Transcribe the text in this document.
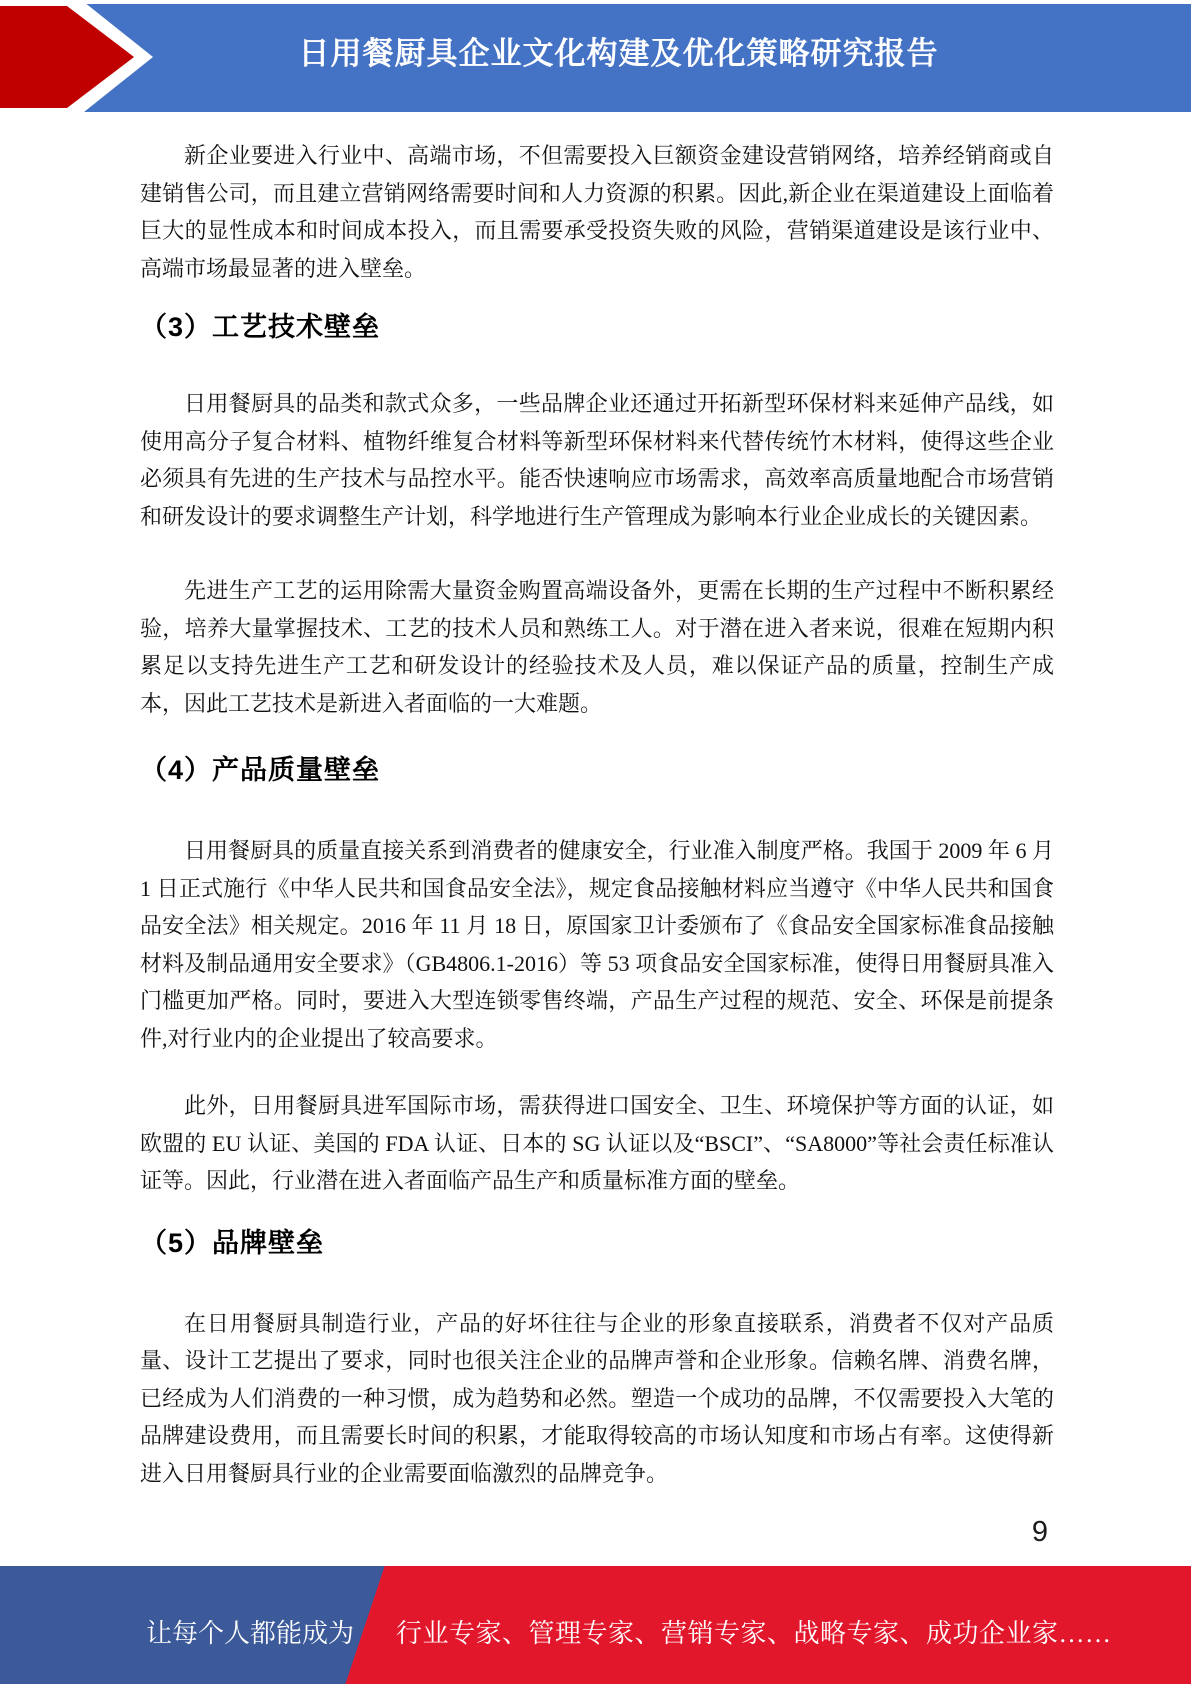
日用餐厨具企业文化构建及优化策略研究报告

新企业要进入行业中、高端市场，不但需要投入巨额资金建设营销网络，培养经销商或自建销售公司，而且建立营销网络需要时间和人力资源的积累。因此,新企业在渠道建设上面临着巨大的显性成本和时间成本投入，而且需要承受投资失败的风险，营销渠道建设是该行业中、高端市场最显著的进入壁垒。

（3）工艺技术壁垒

日用餐厨具的品类和款式众多，一些品牌企业还通过开拓新型环保材料来延伸产品线，如使用高分子复合材料、植物纤维复合材料等新型环保材料来代替传统竹木材料，使得这些企业必须具有先进的生产技术与品控水平。能否快速响应市场需求，高效率高质量地配合市场营销和研发设计的要求调整生产计划，科学地进行生产管理成为影响本行业企业成长的关键因素。

先进生产工艺的运用除需大量资金购置高端设备外，更需在长期的生产过程中不断积累经验，培养大量掌握技术、工艺的技术人员和熟练工人。对于潜在进入者来说，很难在短期内积累足以支持先进生产工艺和研发设计的经验技术及人员，难以保证产品的质量，控制生产成本，因此工艺技术是新进入者面临的一大难题。

（4）产品质量壁垒

日用餐厨具的质量直接关系到消费者的健康安全，行业准入制度严格。我国于 2009 年 6 月 1 日正式施行《中华人民共和国食品安全法》，规定食品接触材料应当遵守《中华人民共和国食品安全法》相关规定。2016 年 11 月 18 日，原国家卫计委颁布了《食品安全国家标准食品接触材料及制品通用安全要求》（GB4806.1-2016）等 53 项食品安全国家标准，使得日用餐厨具准入门槛更加严格。同时，要进入大型连锁零售终端，产品生产过程的规范、安全、环保是前提条件,对行业内的企业提出了较高要求。

此外，日用餐厨具进军国际市场，需获得进口国安全、卫生、环境保护等方面的认证，如欧盟的 EU 认证、美国的 FDA 认证、日本的 SG 认证以及“BSCI”、“SA8000”等社会责任标准认证等。因此，行业潜在进入者面临产品生产和质量标准方面的壁垒。

（5）品牌壁垒

在日用餐厨具制造行业，产品的好坏往往与企业的形象直接联系，消费者不仅对产品质量、设计工艺提出了要求，同时也很关注企业的品牌声誉和企业形象。信赖名牌、消费名牌，已经成为人们消费的一种习惯，成为趋势和必然。塑造一个成功的品牌，不仅需要投入大笔的品牌建设费用，而且需要长时间的积累，才能取得较高的市场认知度和市场占有率。这使得新进入日用餐厨具行业的企业需要面临激烈的品牌竞争。

9
让每个人都能成为 行业专家、管理专家、营销专家、战略专家、成功企业家……
